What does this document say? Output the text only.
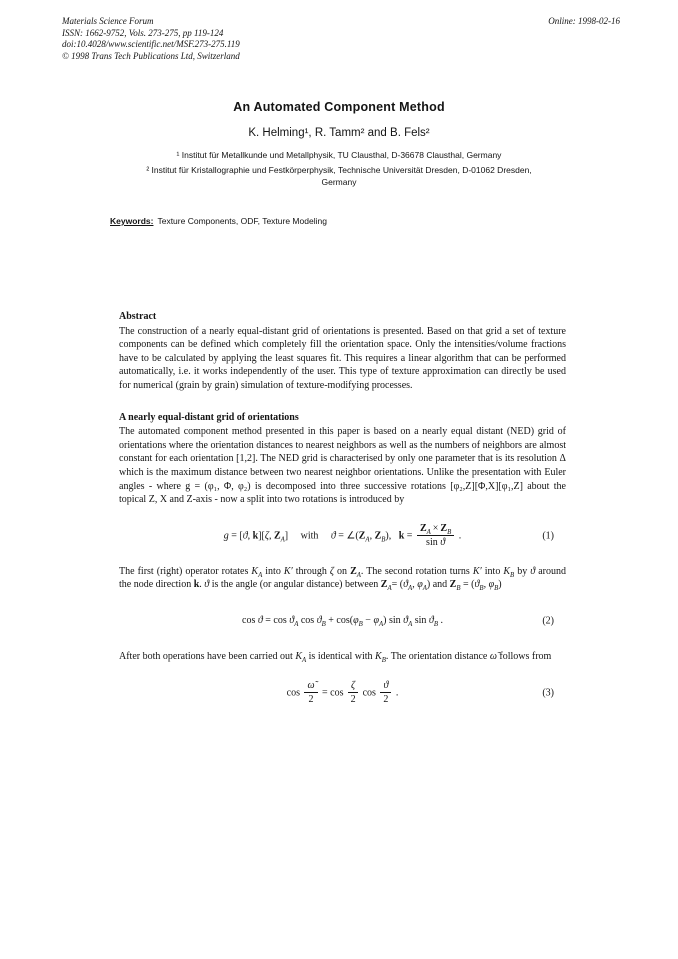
Materials Science Forum
ISSN: 1662-9752, Vols. 273-275, pp 119-124
doi:10.4028/www.scientific.net/MSF.273-275.119
© 1998 Trans Tech Publications Ltd, Switzerland
Online: 1998-02-16
An Automated Component Method
K. Helming¹, R. Tamm² and B. Fels²
¹ Institut für Metallkunde und Metallphysik, TU Clausthal, D-36678 Clausthal, Germany
² Institut für Kristallographie und Festkörperphysik, Technische Universität Dresden, D-01062 Dresden, Germany
Keywords: Texture Components, ODF, Texture Modeling
Abstract

The construction of a nearly equal-distant grid of orientations is presented. Based on that grid a set of texture components can be defined which completely fill the orientation space. Only the intensities/volume fractions have to be calculated by applying the least squares fit. This requires a linear algorithm that can be performed automatically, i.e. it works independently of the user. This type of texture approximation can directly be used for numerical (grain by grain) simulation of texture-modifying processes.

A nearly equal-distant grid of orientations

The automated component method presented in this paper is based on a nearly equal distant (NED) grid of orientations where the orientation distances to nearest neighbors as well as the numbers of neighbors are almost constant for each orientation [1,2]. The NED grid is characterised by only one parameter that is its resolution Δ which is the maximum distance between two nearest neighbor orientations. Unlike the presentation with Euler angles - where g = (φ₁, Φ, φ₂) is decomposed into three successive rotations [φ₂,Z][Φ,X][φ₁,Z] about the topical Z, X and Z-axis - now a split into two rotations is introduced by

g = [ϑ, k][ζ, $Z_A$]  with  $ϑ = \angle(Z_A$, $Z_B$),  $k = \frac{Z_A \times Z_B}{\text{sin ϑ}}$ .	(1)

The first (right) operator rotates $K_A$ into K′ through ζ on $Z_A$. The second rotation turns K′ into $K_B$ by ϑ around the node direction k. ϑ is the angle (or angular distance) between $Z_A= (ϑ_A$, $\varphi_A$) and $Z_B = (ϑ_B$, $\varphi_B$)

$\cos ϑ = \cos ϑ_A$ $\cos ϑ_B + \cos(\varphi_B - \varphi_A)$ $\sin ϑ_A$ $\sin ϑ_B$ .	(2)

After both operations have been carried out $K_A$ is identical with $K_B$. The orientation distance ω̃ follows from

$\cos \frac{\omegã}{2} = \cos \frac{\zeta}{2}$ $\cos \frac{ϑ}{2}$ .	(3)
